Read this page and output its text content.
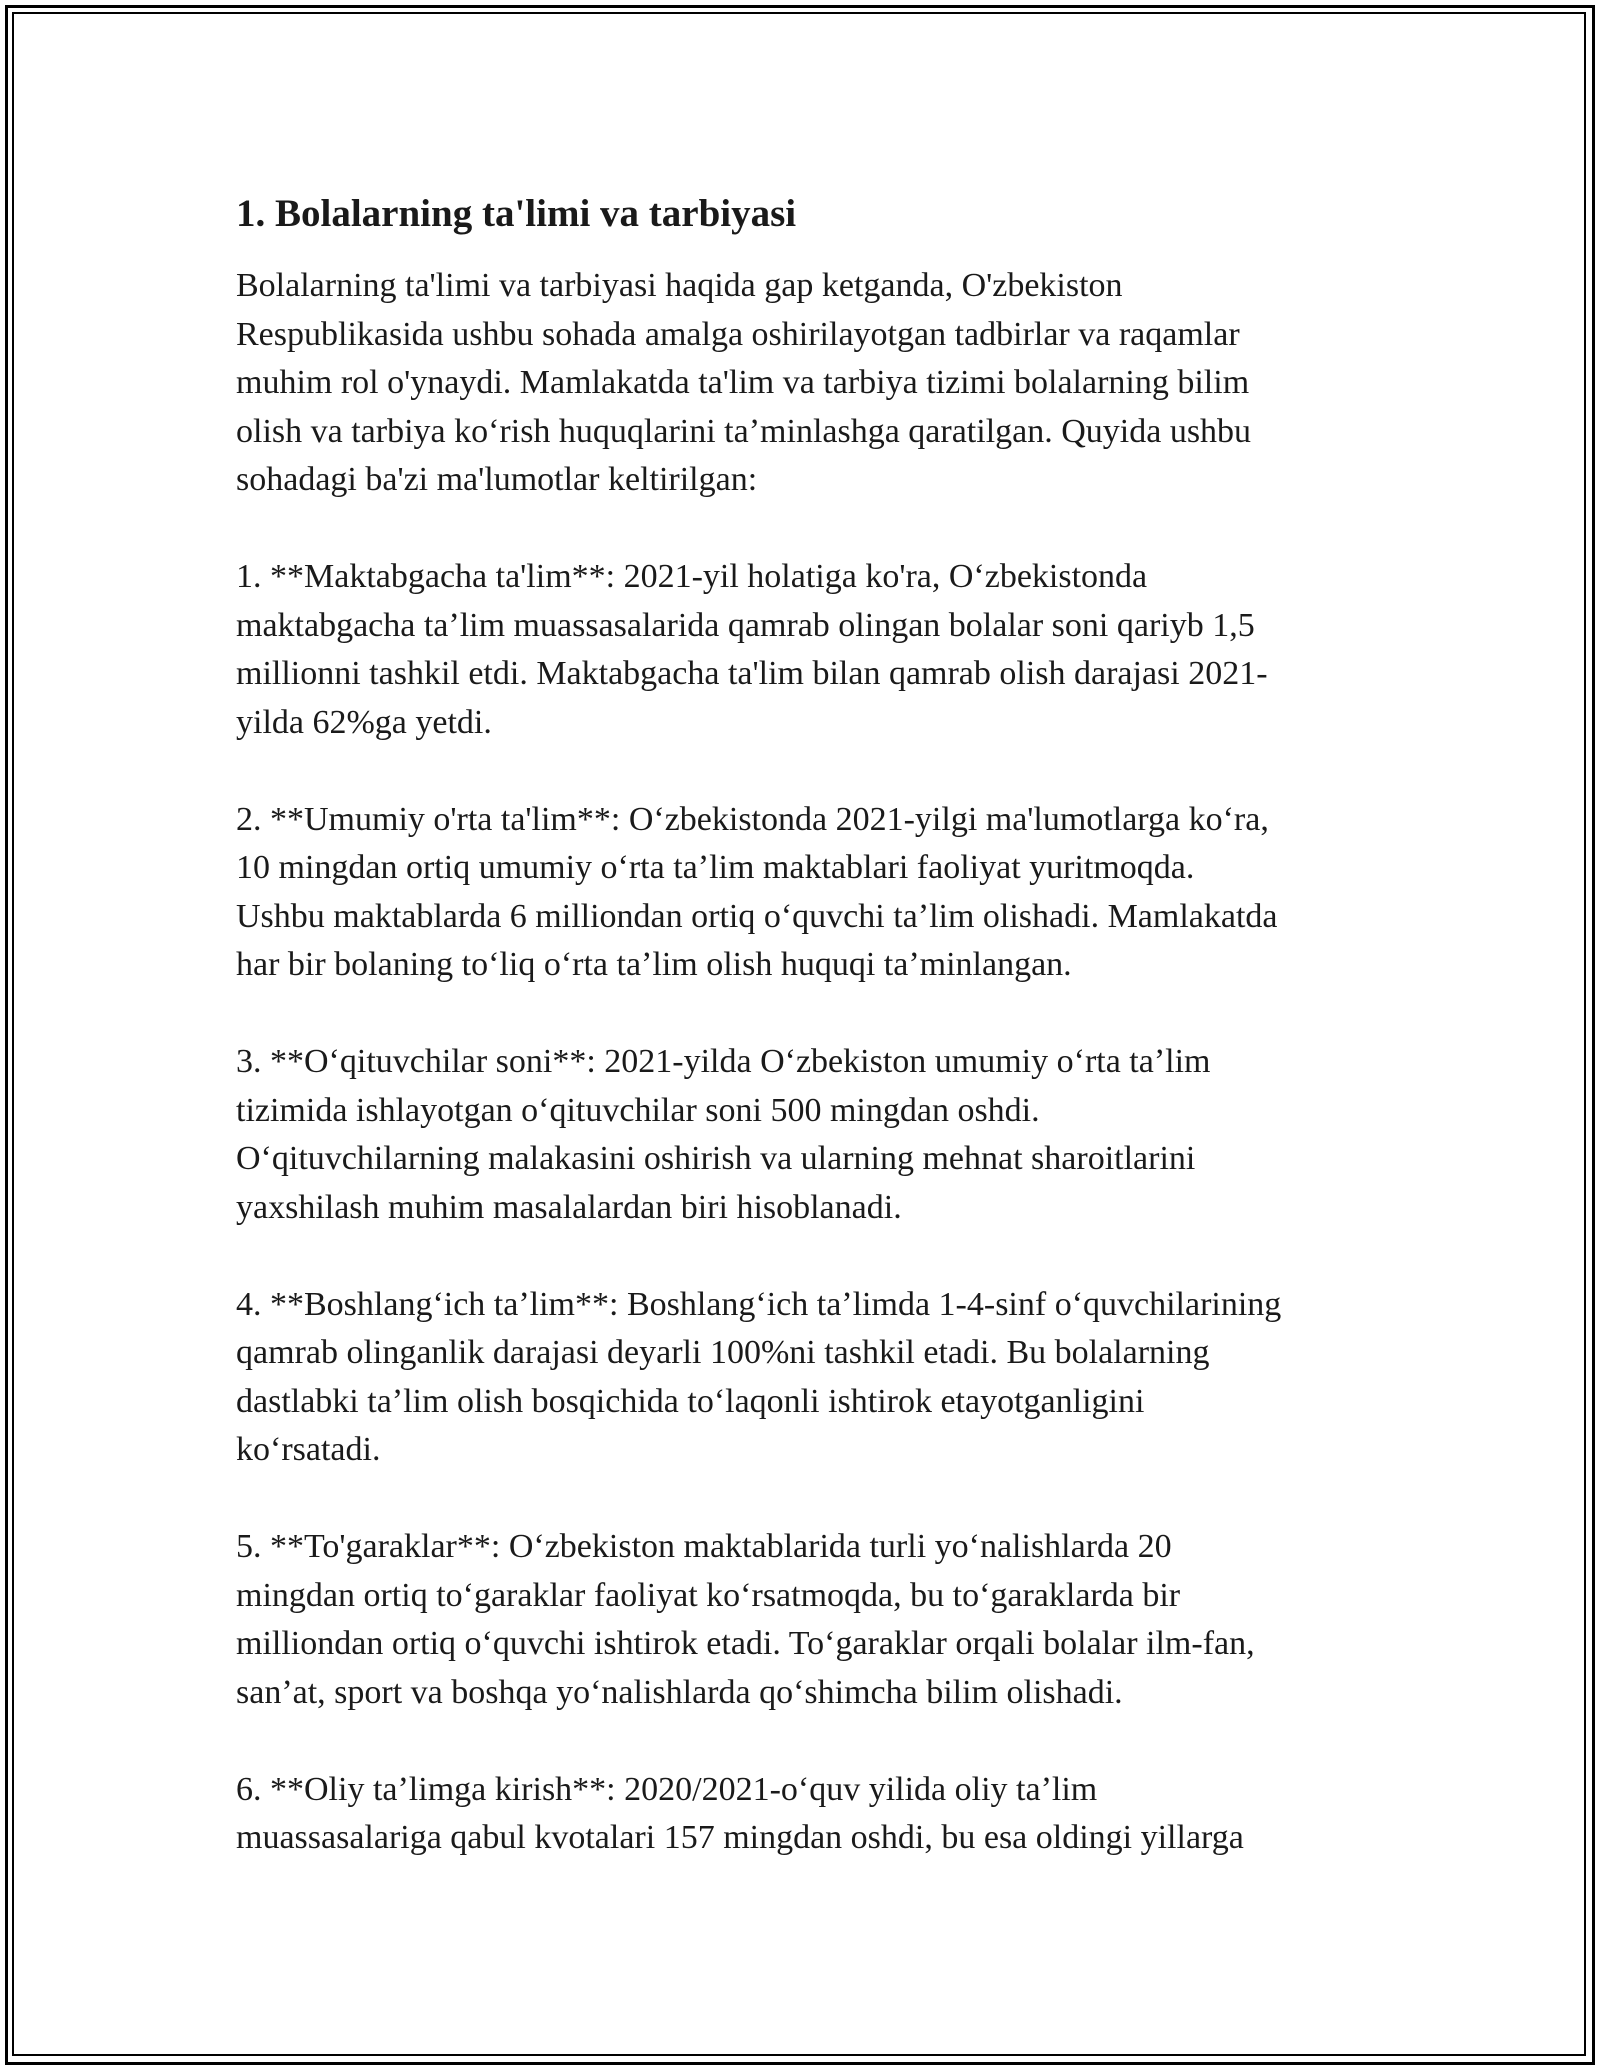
1. Bolalarning ta'limi va tarbiyasi

Bolalarning ta'limi va tarbiyasi haqida gap ketganda, O'zbekiston
Respublikasida ushbu sohada amalga oshirilayotgan tadbirlar va raqamlar
muhim rol o'ynaydi. Mamlakatda ta'lim va tarbiya tizimi bolalarning bilim
olish va tarbiya koʻrish huquqlarini taʼminlashga qaratilgan. Quyida ushbu
sohadagi ba'zi ma'lumotlar keltirilgan:

1. **Maktabgacha ta'lim**: 2021-yil holatiga ko'ra, Oʻzbekistonda
maktabgacha taʼlim muassasalarida qamrab olingan bolalar soni qariyb 1,5
millionni tashkil etdi. Maktabgacha ta'lim bilan qamrab olish darajasi 2021-
yilda 62%ga yetdi.

2. **Umumiy o'rta ta'lim**: Oʻzbekistonda 2021-yilgi ma'lumotlarga koʻra,
10 mingdan ortiq umumiy oʻrta taʼlim maktablari faoliyat yuritmoqda.
Ushbu maktablarda 6 milliondan ortiq oʻquvchi taʼlim olishadi. Mamlakatda
har bir bolaning toʻliq oʻrta taʼlim olish huquqi taʼminlangan.

3. **Oʻqituvchilar soni**: 2021-yilda Oʻzbekiston umumiy oʻrta taʼlim
tizimida ishlayotgan oʻqituvchilar soni 500 mingdan oshdi.
Oʻqituvchilarning malakasini oshirish va ularning mehnat sharoitlarini
yaxshilash muhim masalalardan biri hisoblanadi.

4. **Boshlangʻich taʼlim**: Boshlangʻich taʼlimda 1-4-sinf oʻquvchilarining
qamrab olinganlik darajasi deyarli 100%ni tashkil etadi. Bu bolalarning
dastlabki taʼlim olish bosqichida toʻlaqonli ishtirok etayotganligini
koʻrsatadi.

5. **To'garaklar**: Oʻzbekiston maktablarida turli yoʻnalishlarda 20
mingdan ortiq toʻgaraklar faoliyat koʻrsatmoqda, bu toʻgaraklarda bir
milliondan ortiq oʻquvchi ishtirok etadi. Toʻgaraklar orqali bolalar ilm-fan,
sanʼat, sport va boshqa yoʻnalishlarda qoʻshimcha bilim olishadi.

6. **Oliy taʼlimga kirish**: 2020/2021-oʻquv yilida oliy taʼlim
muassasalariga qabul kvotalari 157 mingdan oshdi, bu esa oldingi yillarga
